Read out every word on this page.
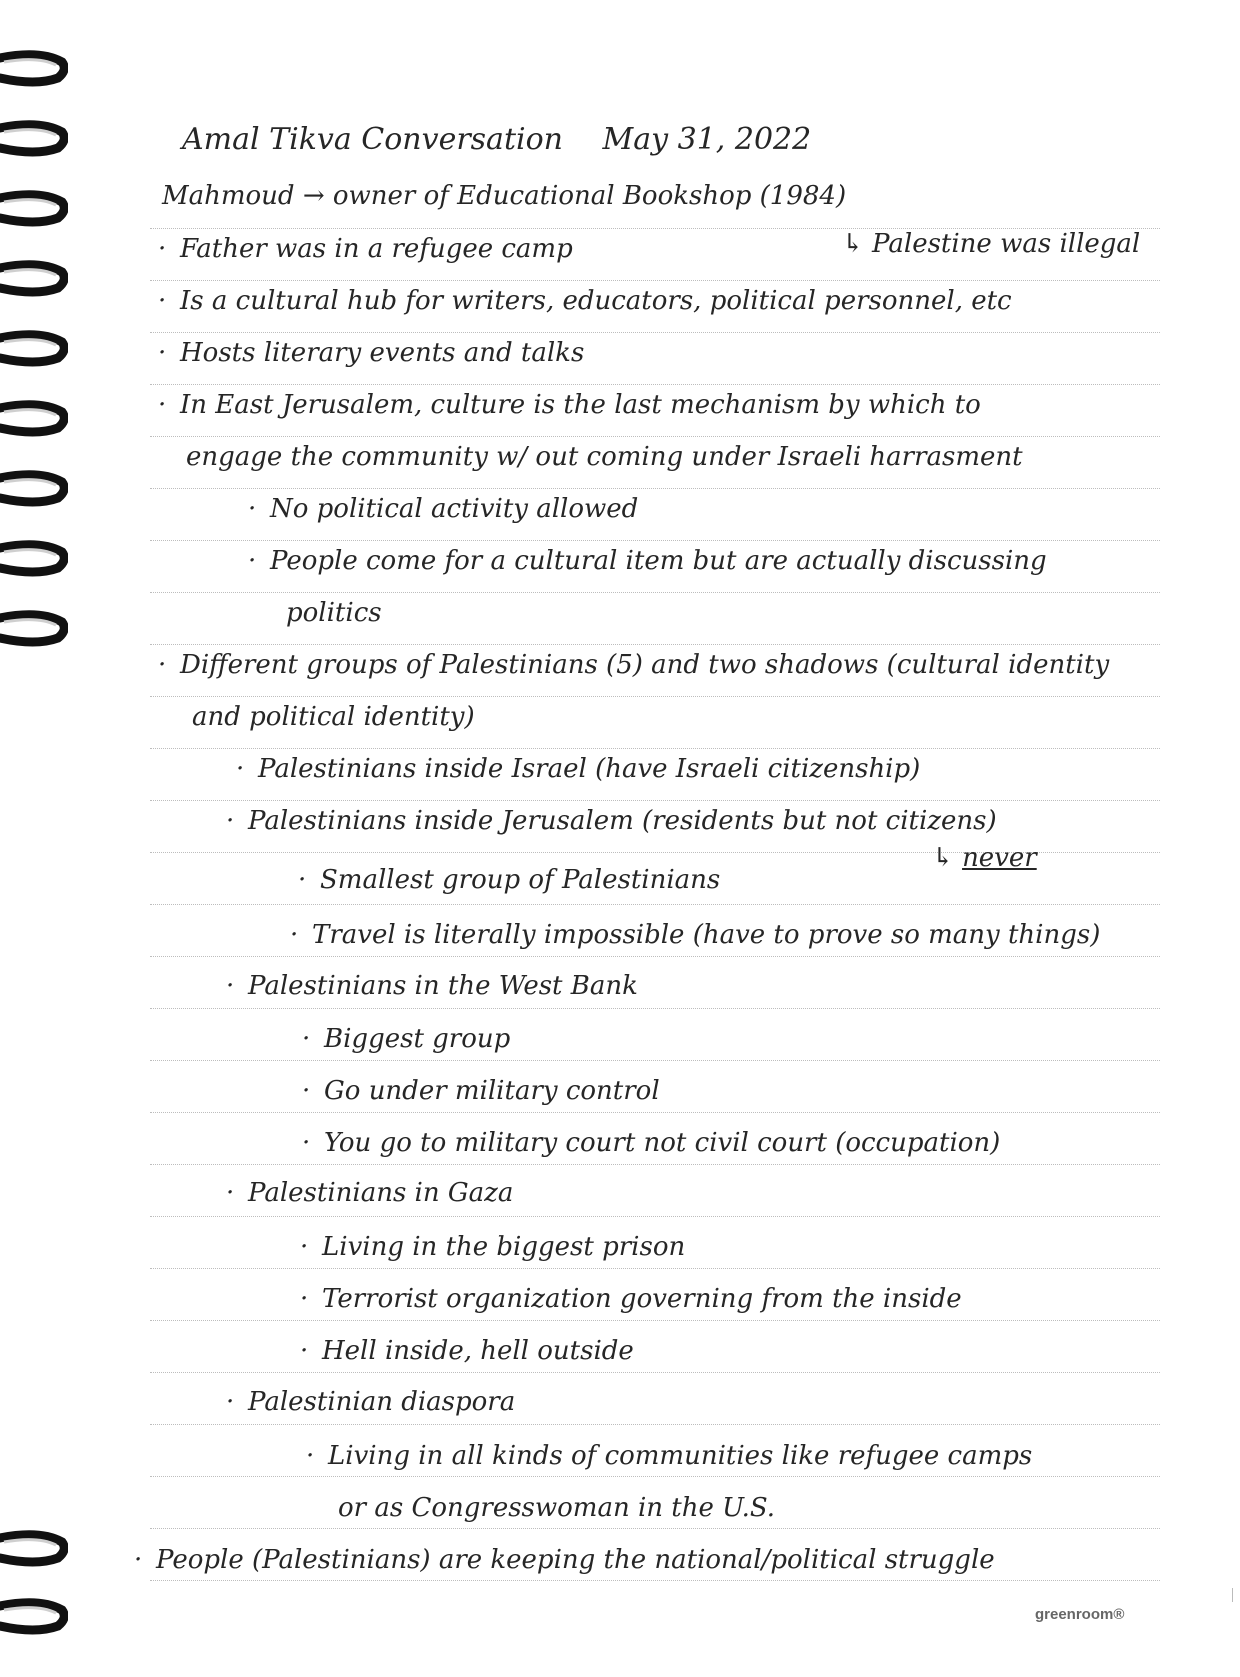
Amal Tikva Conversation May 31, 2022
Mahmoud → owner of Educational Bookshop (1984)
· Father was in a refugee camp	↳ Palestine was illegal
· Is a cultural hub for writers, educators, political personnel, etc
· Hosts literary events and talks
· In East Jerusalem, culture is the last mechanism by which to
engage the community w/ out coming under Israeli harrasment
· No political activity allowed
· People come for a cultural item but are actually discussing
politics
· Different groups of Palestinians (5) and two shadows (cultural identity
and political identity)
· Palestinians inside Israel (have Israeli citizenship)
· Palestinians inside Jerusalem (residents but not citizens)
↳ never
· Smallest group of Palestinians
· Travel is literally impossible (have to prove so many things)
· Palestinians in the West Bank
· Biggest group
· Go under military control
· You go to military court not civil court (occupation)
· Palestinians in Gaza
· Living in the biggest prison
· Terrorist organization governing from the inside
· Hell inside, hell outside
· Palestinian diaspora
· Living in all kinds of communities like refugee camps
or as Congresswoman in the U.S.
· People (Palestinians) are keeping the national/political struggle
greenroom®
